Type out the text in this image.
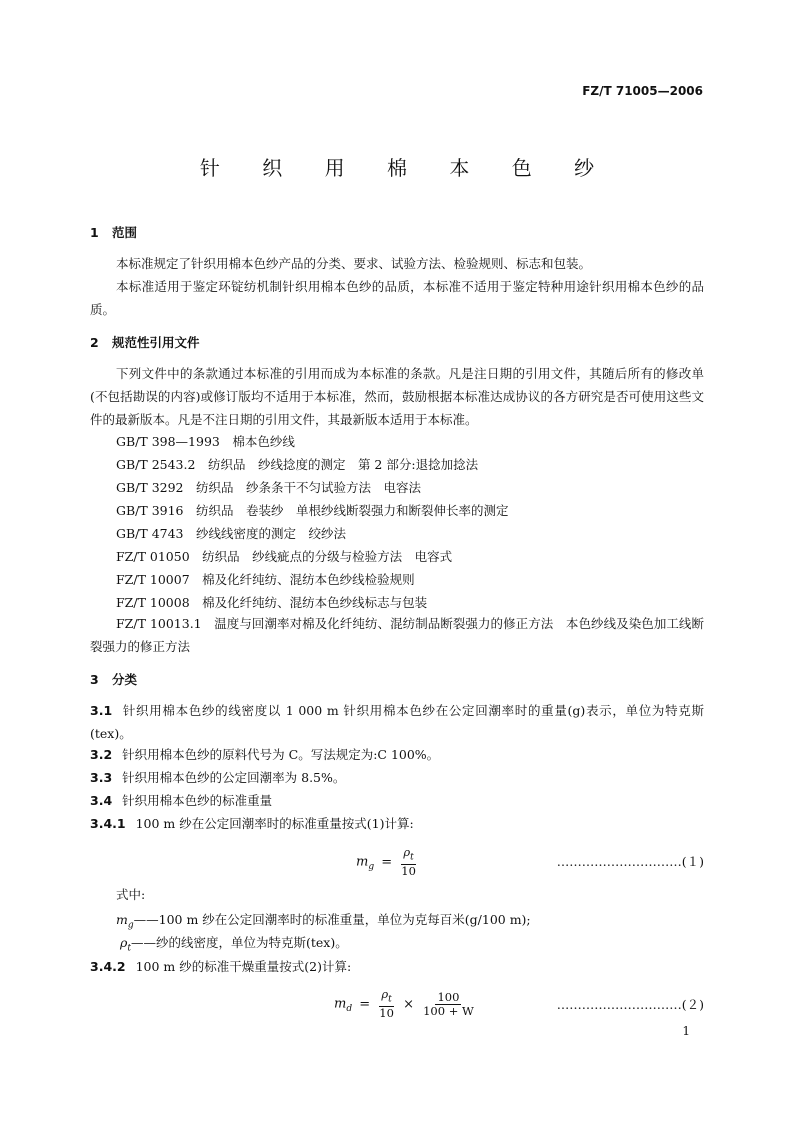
FZ/T 71005—2006
针 织 用 棉 本 色 纱
1 范围
本标准规定了针织用棉本色纱产品的分类、要求、试验方法、检验规则、标志和包装。
本标准适用于鉴定环锭纺机制针织用棉本色纱的品质，本标准不适用于鉴定特种用途针织用棉本色纱的品质。
2 规范性引用文件
下列文件中的条款通过本标准的引用而成为本标准的条款。凡是注日期的引用文件，其随后所有的修改单(不包括勘误的内容)或修订版均不适用于本标准，然而，鼓励根据本标准达成协议的各方研究是否可使用这些文件的最新版本。凡是不注日期的引用文件，其最新版本适用于本标准。
GB/T 398—1993　 棉本色纱线
GB/T 2543.2　 纺织品　纱线捻度的测定　第 2 部分:退捻加捻法
GB/T 3292　 纺织品　纱条条干不匀试验方法　电容法
GB/T 3916　 纺织品　卷装纱　单根纱线断裂强力和断裂伸长率的测定
GB/T 4743　 纱线线密度的测定　绞纱法
FZ/T 01050　 纺织品　纱线疵点的分级与检验方法　电容式
FZ/T 10007　 棉及化纤纯纺、混纺本色纱线检验规则
FZ/T 10008　 棉及化纤纯纺、混纺本色纱线标志与包装
FZ/T 10013.1　温度与回潮率对棉及化纤纯纺、混纺制品断裂强力的修正方法　本色纱线及染色加工线断裂强力的修正方法
3 分类
3.1 针织用棉本色纱的线密度以 1 000 m 针织用棉本色纱在公定回潮率时的重量(g)表示，单位为特克斯(tex)。
3.2 针织用棉本色纱的原料代号为 C。写法规定为:C 100%。
3.3 针织用棉本色纱的公定回潮率为 8.5%。
3.4 针织用棉本色纱的标准重量
3.4.1 100 m 纱在公定回潮率时的标准重量按式(1)计算:
$m_g = \frac{\rho_t}{10}$	…………………………(１)
式中:
$m_g——100$ m 纱在公定回潮率时的标准重量，单位为克每百米(g/100 m);
$\rho_t——$纱的线密度，单位为特克斯(tex)。
3.4.2 100 m 纱的标准干燥重量按式(2)计算:
$m_d = \frac{\rho_t}{10} \times \frac{100}{100 + W}$	…………………………(２)
1
